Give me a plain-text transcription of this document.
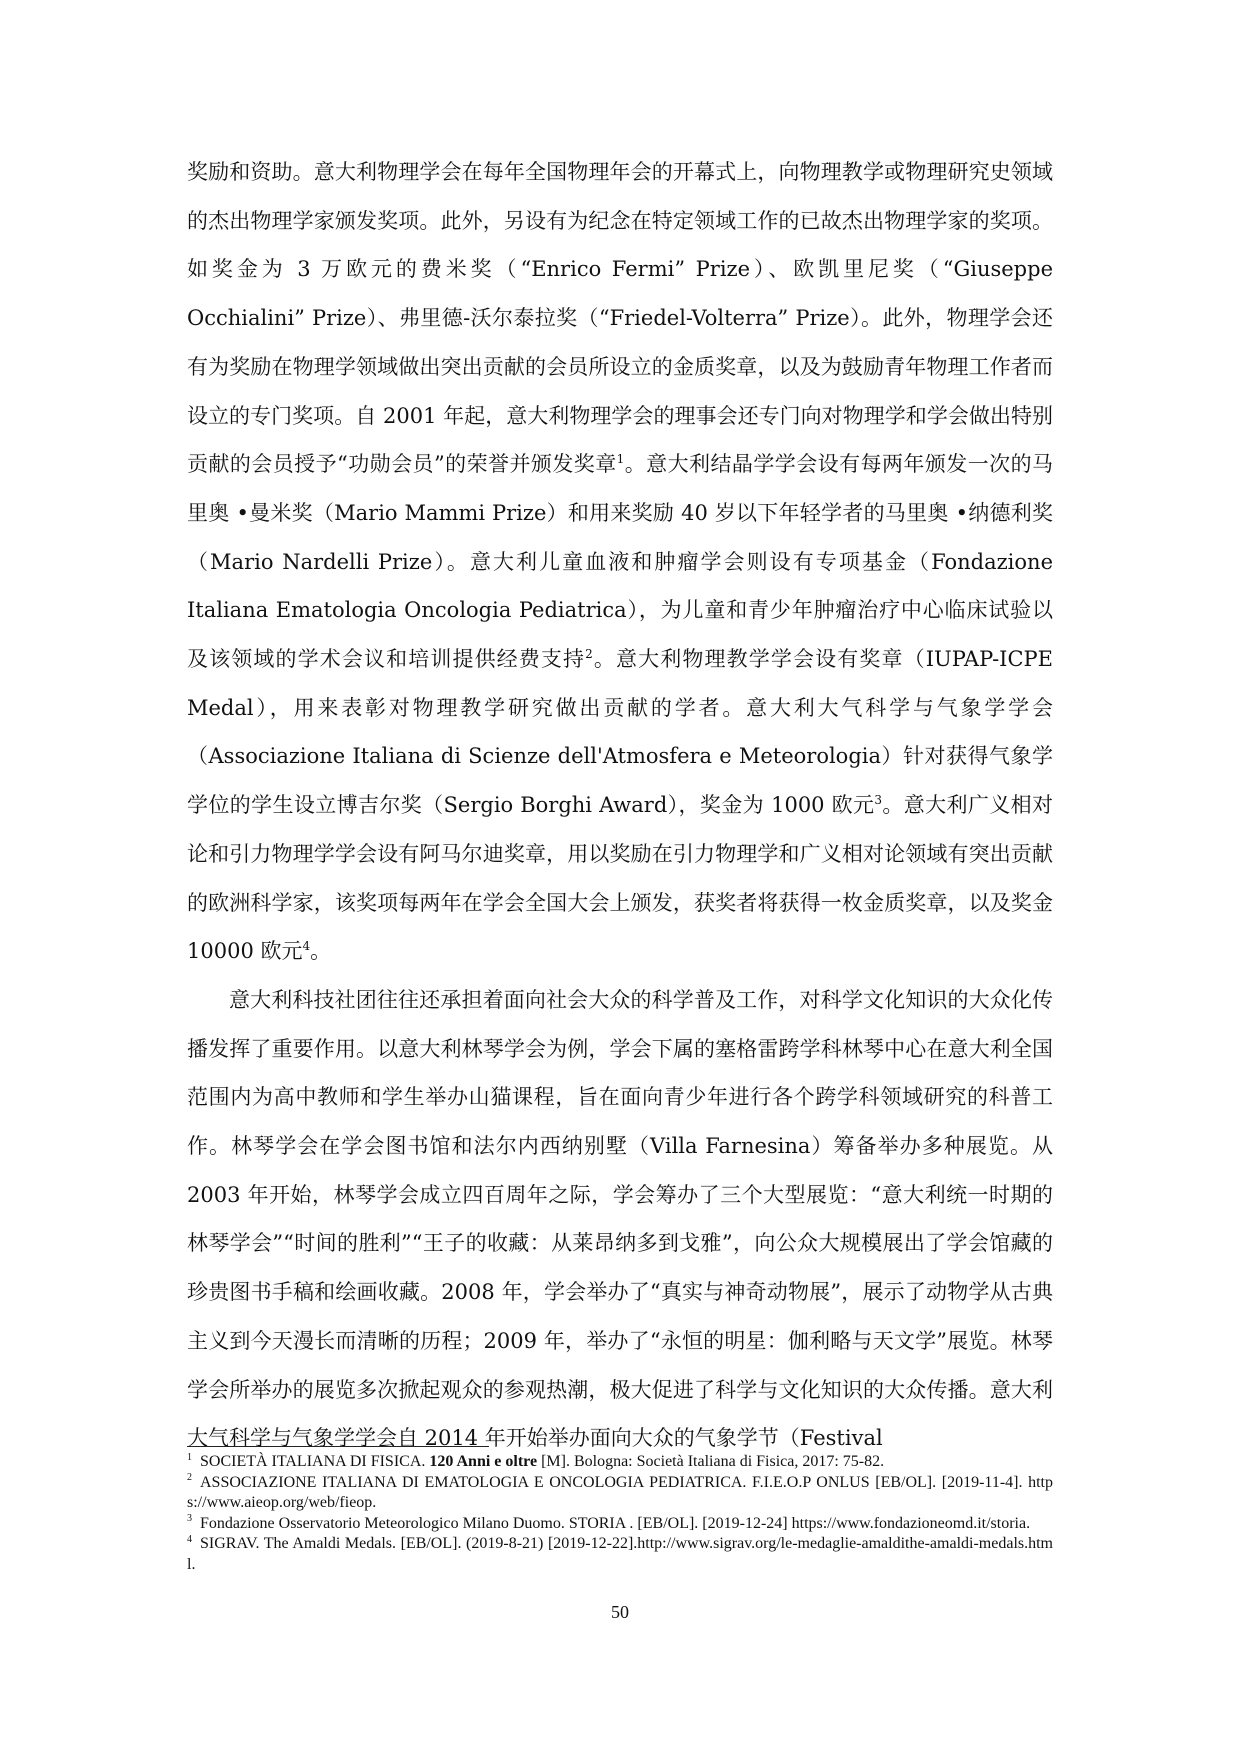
奖励和资助。意大利物理学会在每年全国物理年会的开幕式上，向物理教学或物理研究史领域的杰出物理学家颁发奖项。此外，另设有为纪念在特定领域工作的已故杰出物理学家的奖项。如奖金为 3 万欧元的费米奖（“Enrico Fermi” Prize）、欧凯里尼奖（“Giuseppe Occhialini” Prize）、弗里德-沃尔泰拉奖（“Friedel-Volterra” Prize）。此外，物理学会还有为奖励在物理学领域做出突出贡献的会员所设立的金质奖章，以及为鼓励青年物理工作者而设立的专门奖项。自 2001 年起，意大利物理学会的理事会还专门向对物理学和学会做出特别贡献的会员授予“功勋会员”的荣誉并颁发奖章$^1$。意大利结晶学学会设有每两年颁发一次的马里奥 •曼米奖（Mario Mammi Prize）和用来奖励 40 岁以下年轻学者的马里奥 •纳德利奖（Mario Nardelli Prize）。意大利儿童血液和肿瘤学会则设有专项基金（Fondazione Italiana Ematologia Oncologia Pediatrica），为儿童和青少年肿瘤治疗中心临床试验以及该领域的学术会议和培训提供经费支持$^2$。意大利物理教学学会设有奖章（IUPAP-ICPE Medal），用来表彰对物理教学研究做出贡献的学者。意大利大气科学与气象学学会（Associazione Italiana di Scienze dell'Atmosfera e Meteorologia）针对获得气象学学位的学生设立博吉尔奖（Sergio Borghi Award），奖金为 1000 欧元$^3$。意大利广义相对论和引力物理学学会设有阿马尔迪奖章，用以奖励在引力物理学和广义相对论领域有突出贡献的欧洲科学家，该奖项每两年在学会全国大会上颁发，获奖者将获得一枚金质奖章，以及奖金 10000 欧元$^4$。

意大利科技社团往往还承担着面向社会大众的科学普及工作，对科学文化知识的大众化传播发挥了重要作用。以意大利林琴学会为例，学会下属的塞格雷跨学科林琴中心在意大利全国范围内为高中教师和学生举办山猫课程，旨在面向青少年进行各个跨学科领域研究的科普工作。林琴学会在学会图书馆和法尔内西纳别墅（Villa Farnesina）筹备举办多种展览。从 2003 年开始，林琴学会成立四百周年之际，学会筹办了三个大型展览：“意大利统一时期的林琴学会”“时间的胜利”“王子的收藏：从莱昂纳多到戈雅”，向公众大规模展出了学会馆藏的珍贵图书手稿和绘画收藏。2008 年，学会举办了“真实与神奇动物展”，展示了动物学从古典主义到今天漫长而清晰的历程；2009 年，举办了“永恒的明星：伽利略与天文学”展览。林琴学会所举办的展览多次掀起观众的参观热潮，极大促进了科学与文化知识的大众传播。意大利大气科学与气象学学会自 2014 年开始举办面向大众的气象学节（Festival

$^1$ SOCIETÀ ITALIANA DI FISICA. 120 Anni e oltre [M]. Bologna: Società Italiana di Fisica, 2017: 75-82.

$^2$ ASSOCIAZIONE ITALIANA DI EMATOLOGIA E ONCOLOGIA PEDIATRICA. F.I.E.O.P ONLUS [EB/OL]. [2019-11-4]. https://www.aieop.org/web/fieop.

$^3$ Fondazione Osservatorio Meteorologico Milano Duomo. STORIA . [EB/OL]. [2019-12-24] https://www.fondazioneomd.it/storia.

$^4$ SIGRAV. The Amaldi Medals. [EB/OL]. (2019-8-21) [2019-12-22].http://www.sigrav.org/le-medaglie-amaldithe-amaldi-medals.html.

50
